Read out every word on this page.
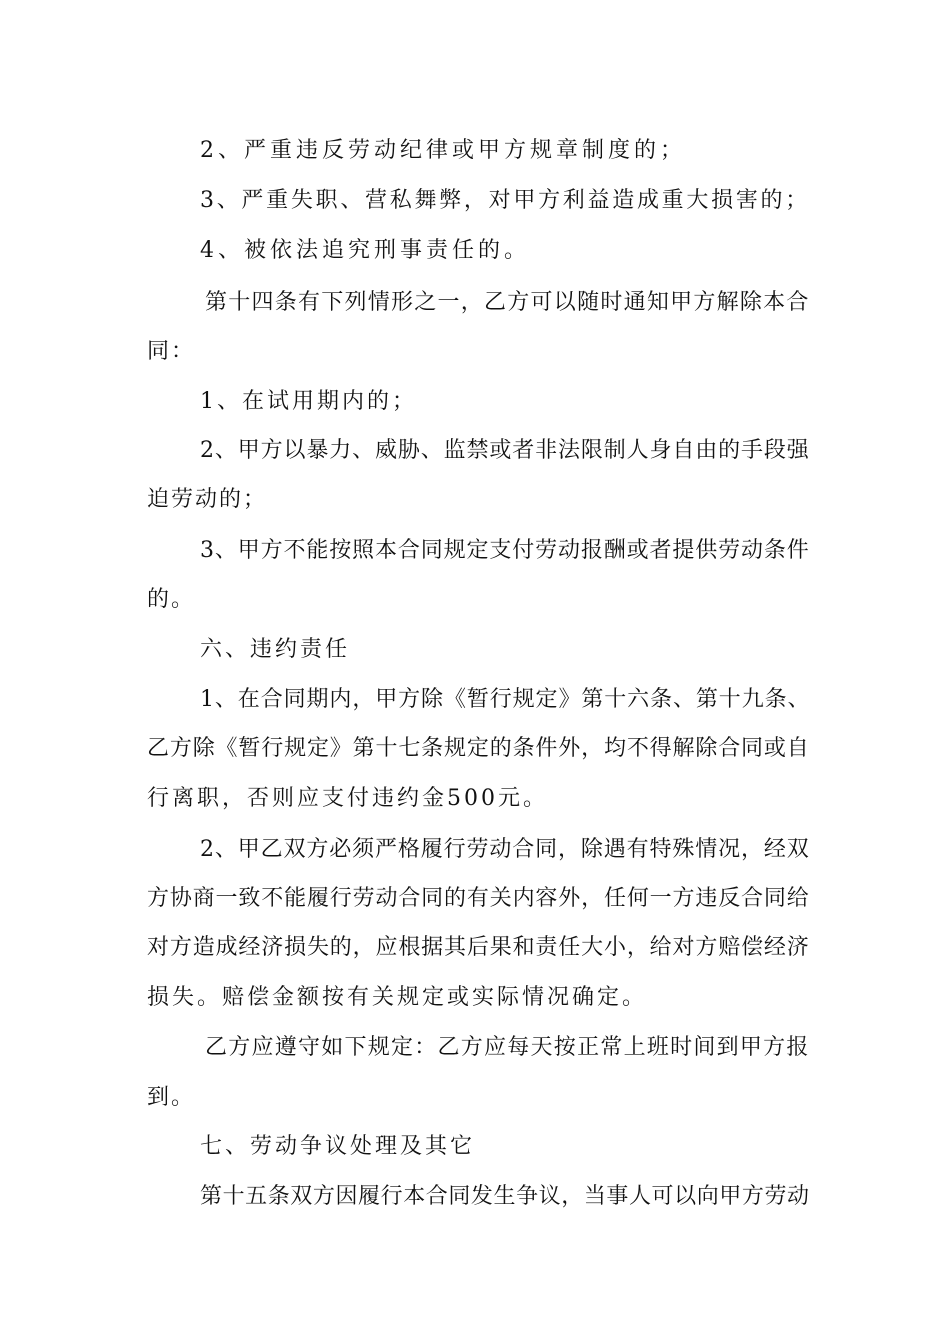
2、严重违反劳动纪律或甲方规章制度的；
3、严重失职、营私舞弊，对甲方利益造成重大损害的；
4、被依法追究刑事责任的。
第十四条有下列情形之一，乙方可以随时通知甲方解除本合
同：
1、在试用期内的；
2、甲方以暴力、威胁、监禁或者非法限制人身自由的手段强
迫劳动的；
3、甲方不能按照本合同规定支付劳动报酬或者提供劳动条件
的。
六、违约责任
1、在合同期内，甲方除《暂行规定》第十六条、第十九条、
乙方除《暂行规定》第十七条规定的条件外，均不得解除合同或自
行离职，否则应支付违约金500元。
2、甲乙双方必须严格履行劳动合同，除遇有特殊情况，经双
方协商一致不能履行劳动合同的有关内容外，任何一方违反合同给
对方造成经济损失的，应根据其后果和责任大小，给对方赔偿经济
损失。赔偿金额按有关规定或实际情况确定。
乙方应遵守如下规定：乙方应每天按正常上班时间到甲方报
到。
七、劳动争议处理及其它
第十五条双方因履行本合同发生争议，当事人可以向甲方劳动
